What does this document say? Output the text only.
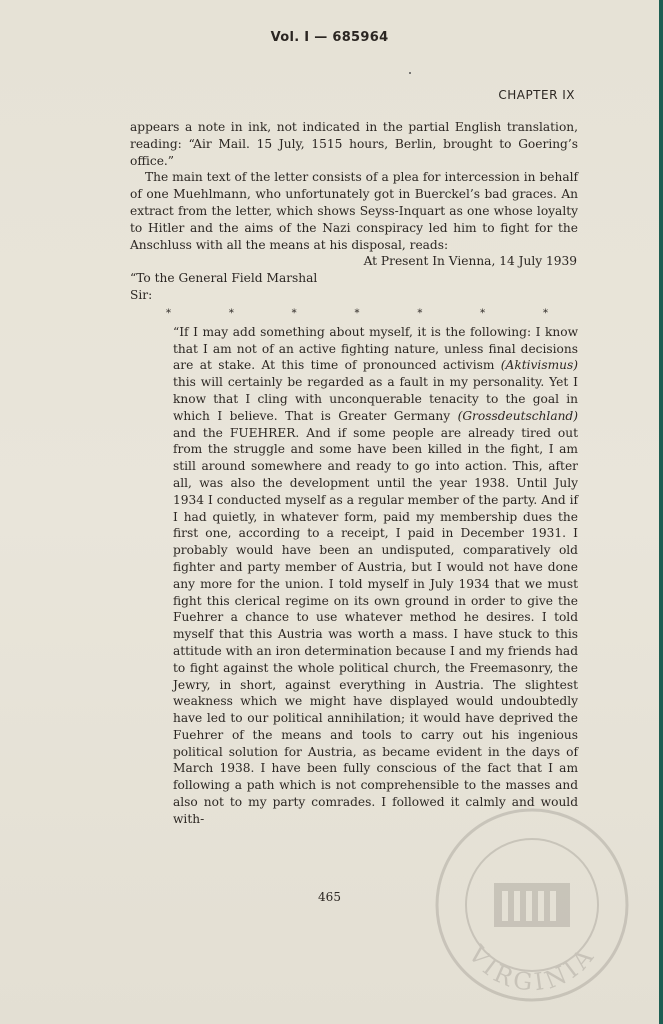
Vol. I — 685964
CHAPTER IX

appears a note in ink, not indicated in the partial English translation, reading: “Air Mail. 15 July, 1515 hours, Berlin, brought to Goering’s office.”

The main text of the letter consists of a plea for intercession in behalf of one Muehlmann, who unfortunately got in Buerckel’s bad graces. An extract from the letter, which shows Seyss-Inquart as one whose loyalty to Hitler and the aims of the Nazi conspiracy led him to fight for the Anschluss with all the means at his disposal, reads:

At Present In Vienna, 14 July 1939

“To the General Field Marshal

Sir:

*	*	*	*	*	*	*

“If I may add something about myself, it is the following: I know that I am not of an active fighting nature, unless final decisions are at stake. At this time of pronounced activism (Aktivismus) this will certainly be regarded as a fault in my personality. Yet I know that I cling with unconquerable tenacity to the goal in which I believe. That is Greater Germany (Grossdeutschland) and the FUEHRER. And if some people are already tired out from the struggle and some have been killed in the fight, I am still around somewhere and ready to go into action. This, after all, was also the development until the year 1938. Until July 1934 I conducted myself as a regular member of the party. And if I had quietly, in whatever form, paid my membership dues the first one, according to a receipt, I paid in December 1931. I probably would have been an undisputed, comparatively old fighter and party member of Austria, but I would not have done any more for the union. I told myself in July 1934 that we must fight this clerical regime on its own ground in order to give the Fuehrer a chance to use whatever method he desires. I told myself that this Austria was worth a mass. I have stuck to this attitude with an iron determination because I and my friends had to fight against the whole political church, the Freemasonry, the Jewry, in short, against everything in Austria. The slightest weakness which we might have displayed would undoubtedly have led to our political annihilation; it would have deprived the Fuehrer of the means and tools to carry out his ingenious political solution for Austria, as became evident in the days of March 1938. I have been fully conscious of the fact that I am following a path which is not comprehensible to the masses and also not to my party comrades. I followed it calmly and would with-

465
VIRGINIA
